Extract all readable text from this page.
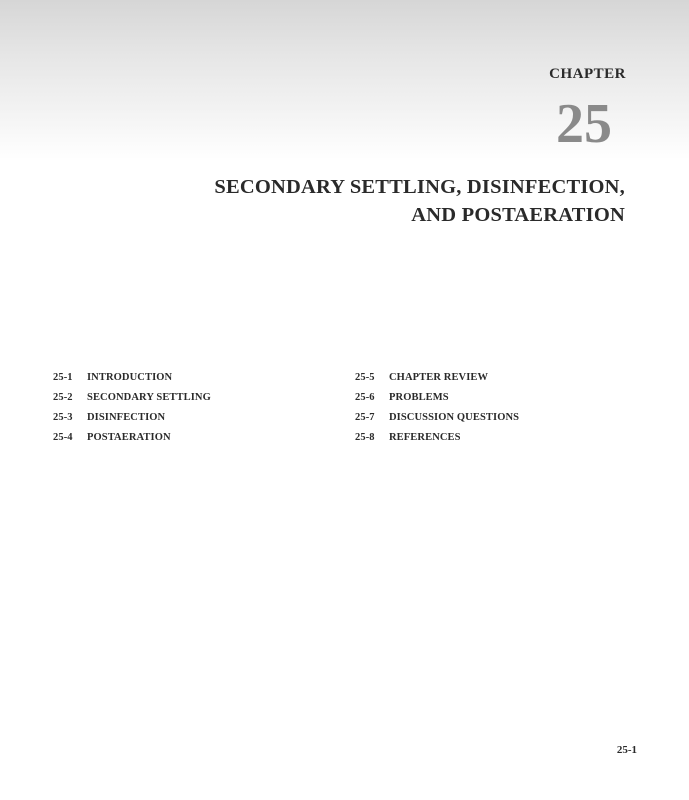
CHAPTER
25
SECONDARY SETTLING, DISINFECTION,
AND POSTAERATION
25-1 INTRODUCTION
25-2 SECONDARY SETTLING
25-3 DISINFECTION
25-4 POSTAERATION
25-5 CHAPTER REVIEW
25-6 PROBLEMS
25-7 DISCUSSION QUESTIONS
25-8 REFERENCES
25-1
